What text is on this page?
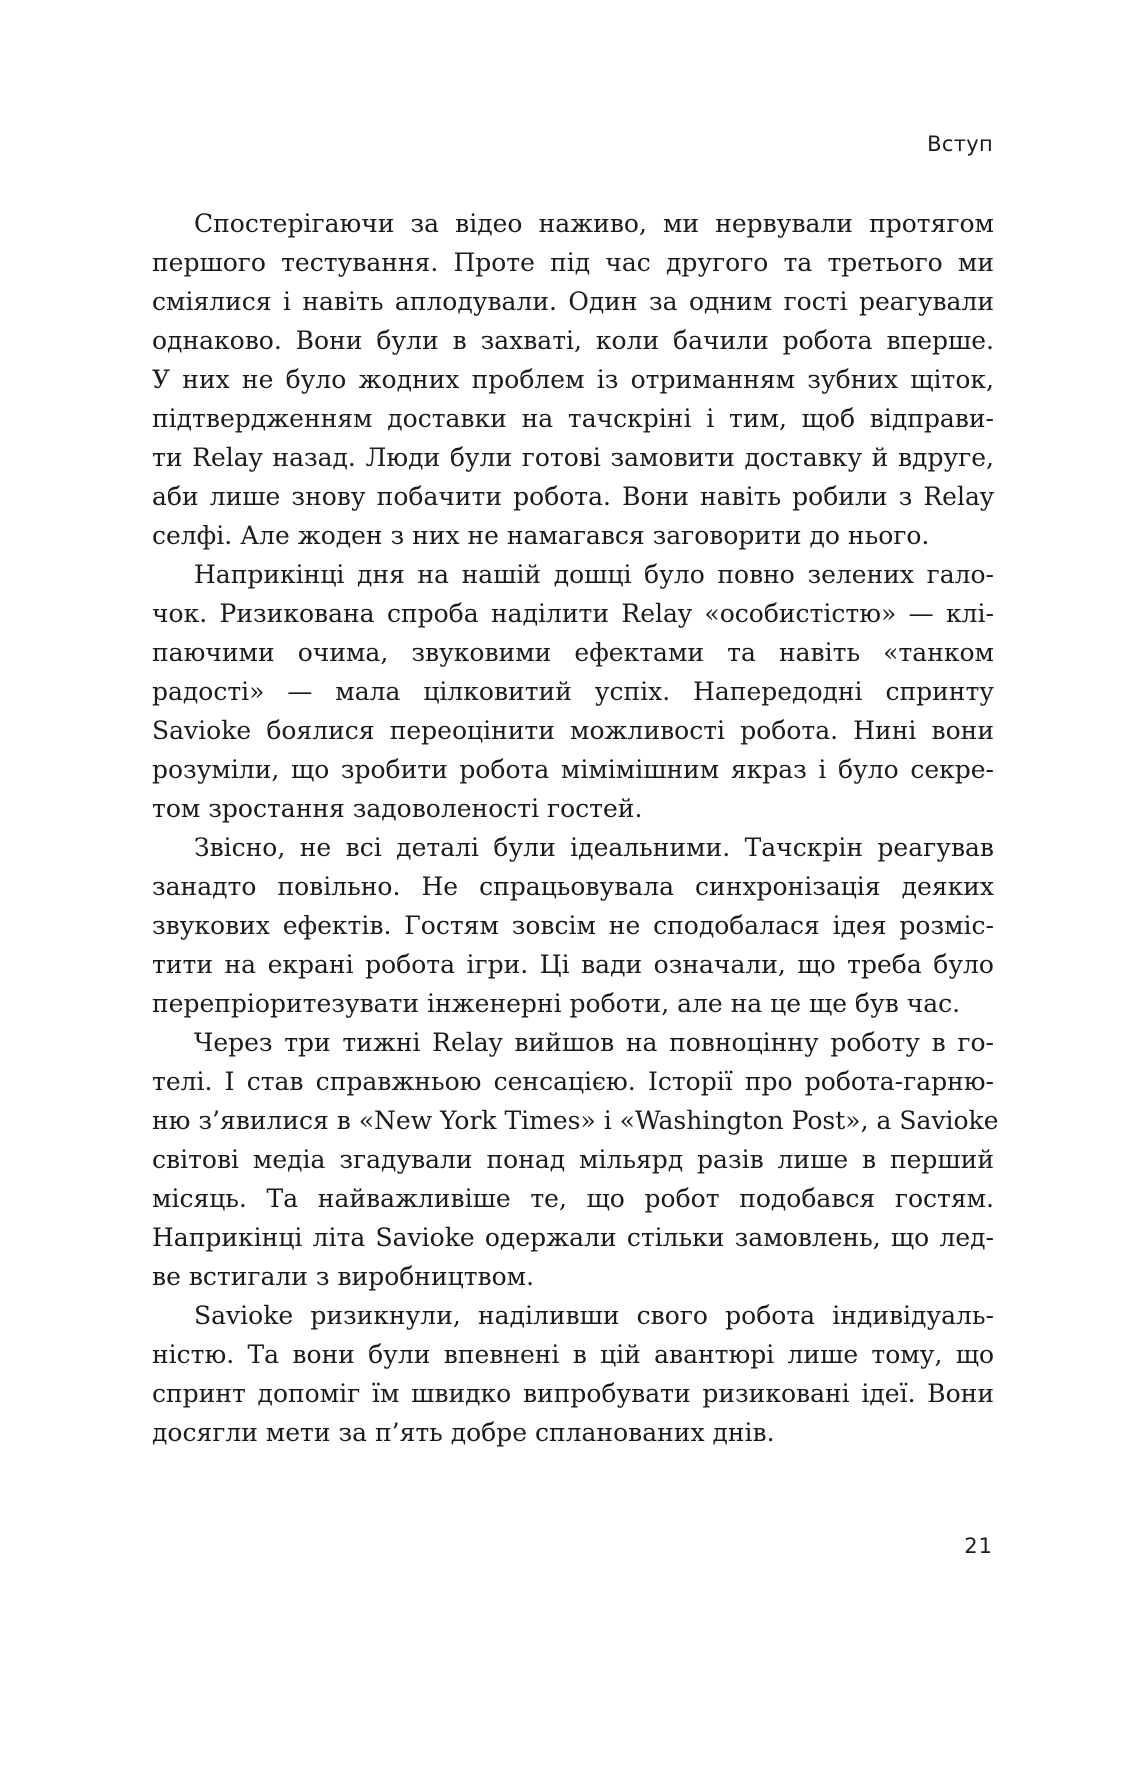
Вступ
Спостерігаючи за відео наживо, ми нервували протягом
першого тестування. Проте під час другого та третього ми
сміялися і навіть аплодували. Один за одним гості реагували
однаково. Вони були в захваті, коли бачили робота вперше.
У них не було жодних проблем із отриманням зубних щіток,
підтвердженням доставки на тачскріні і тим, щоб відправи-
ти Relay назад. Люди були готові замовити доставку й вдруге,
аби лише знову побачити робота. Вони навіть робили з Relay
селфі. Але жоден з них не намагався заговорити до нього.
Наприкінці дня на нашій дошці було повно зелених гало-
чок. Ризикована спроба наділити Relay «особистістю» — клі-
паючими очима, звуковими ефектами та навіть «танком
радості» — мала цілковитий успіх. Напередодні спринту
Savioke боялися переоцінити можливості робота. Нині вони
розуміли, що зробити робота мімімішним якраз і було секре-
том зростання задоволеності гостей.
Звісно, не всі деталі були ідеальними. Тачскрін реагував
занадто повільно. Не спрацьовувала синхронізація деяких
звукових ефектів. Гостям зовсім не сподобалася ідея розміс-
тити на екрані робота ігри. Ці вади означали, що треба було
перепріоритезувати інженерні роботи, але на це ще був час.
Через три тижні Relay вийшов на повноцінну роботу в го-
телі. І став справжньою сенсацією. Історії про робота-гарню-
ню з’явилися в «New York Times» і «Washington Post», а Savioke
світові медіа згадували понад мільярд разів лише в перший
місяць. Та найважливіше те, що робот подобався гостям.
Наприкінці літа Savioke одержали стільки замовлень, що лед-
ве встигали з виробництвом.
Savioke ризикнули, наділивши свого робота індивідуаль-
ністю. Та вони були впевнені в цій авантюрі лише тому, що
спринт допоміг їм швидко випробувати ризиковані ідеї. Вони
досягли мети за п’ять добре спланованих днів.
21
